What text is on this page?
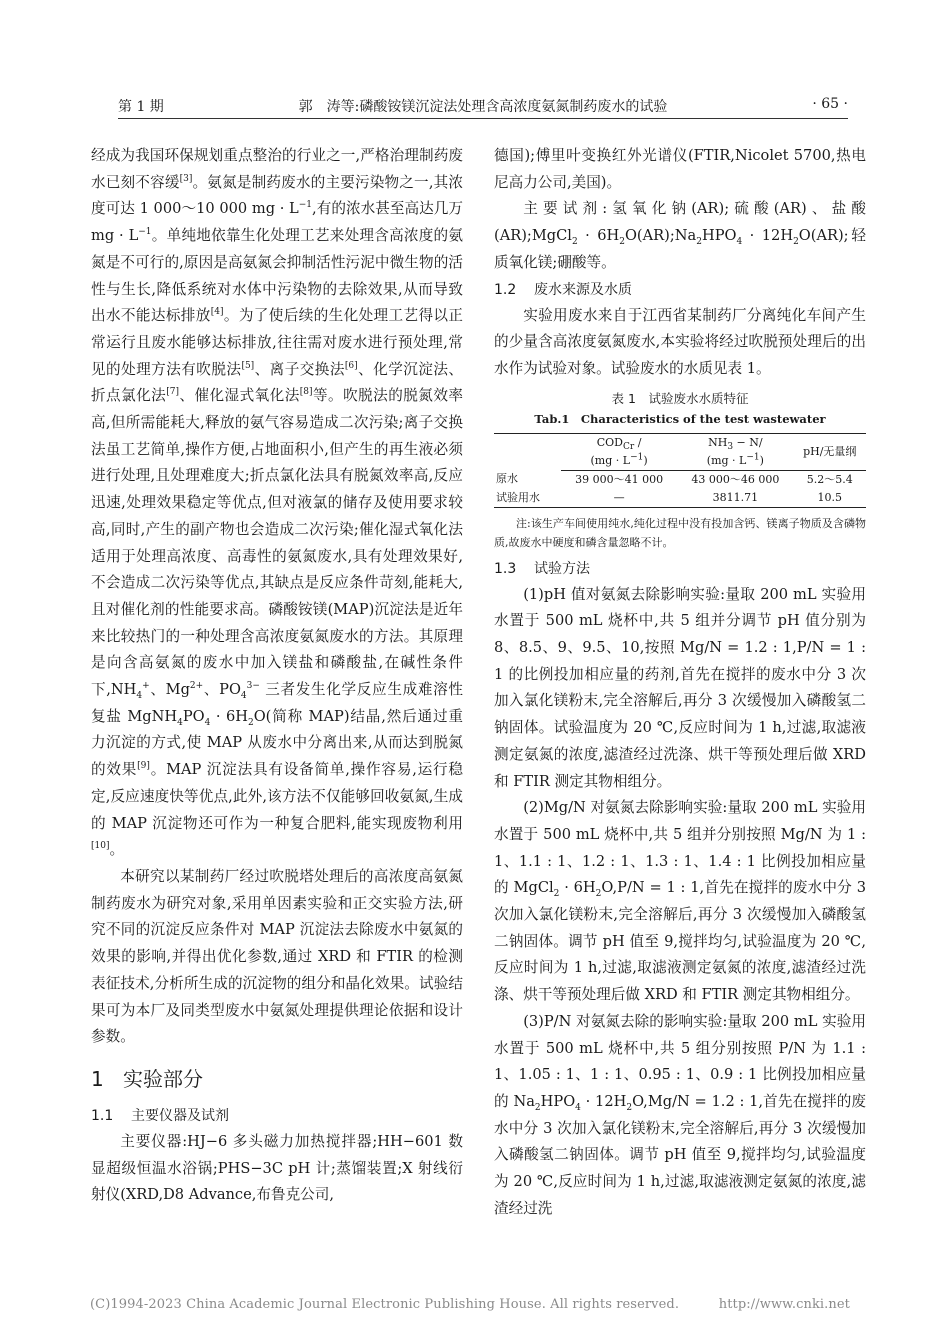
第 1 期	郭　涛等:磷酸铵镁沉淀法处理含高浓度氨氮制药废水的试验	· 65 ·

经成为我国环保规划重点整治的行业之一,严格治理制药废水已刻不容缓[3]。氨氮是制药废水的主要污染物之一,其浓度可达 1 000～10 000 mg · $L^{-1}$,有的浓水甚至高达几万 mg · $L^{-1}$。单纯地依靠生化处理工艺来处理含高浓度的氨氮是不可行的,原因是高氨氮会抑制活性污泥中微生物的活性与生长,降低系统对水体中污染物的去除效果,从而导致出水不能达标排放[4]。为了使后续的生化处理工艺得以正常运行且废水能够达标排放,往往需对废水进行预处理,常见的处理方法有吹脱法[5]、离子交换法[6]、化学沉淀法、折点氯化法[7]、催化湿式氧化法[8]等。吹脱法的脱氮效率高,但所需能耗大,释放的氨气容易造成二次污染;离子交换法虽工艺简单,操作方便,占地面积小,但产生的再生液必须进行处理,且处理难度大;折点氯化法具有脱氮效率高,反应迅速,处理效果稳定等优点,但对液氯的储存及使用要求较高,同时,产生的副产物也会造成二次污染;催化湿式氧化法适用于处理高浓度、高毒性的氨氮废水,具有处理效果好,不会造成二次污染等优点,其缺点是反应条件苛刻,能耗大,且对催化剂的性能要求高。磷酸铵镁(MAP)沉淀法是近年来比较热门的一种处理含高浓度氨氮废水的方法。其原理是向含高氨氮的废水中加入镁盐和磷酸盐,在碱性条件下$,NH_4^+$、$Mg^{2+}$、$PO_4^{3-}$ 三者发生化学反应生成难溶性复盐 $MgNH_4PO_4 \cdot 6H_2O$(简称 MAP)结晶,然后通过重力沉淀的方式,使 MAP 从废水中分离出来,从而达到脱氮的效果[9]。MAP 沉淀法具有设备简单,操作容易,运行稳定,反应速度快等优点,此外,该方法不仅能够回收氨氮,生成的 MAP 沉淀物还可作为一种复合肥料,能实现废物利用[10]。

本研究以某制药厂经过吹脱塔处理后的高浓度高氨氮制药废水为研究对象,采用单因素实验和正交实验方法,研究不同的沉淀反应条件对 MAP 沉淀法去除废水中氨氮的效果的影响,并得出优化参数,通过 XRD 和 FTIR 的检测表征技术,分析所生成的沉淀物的组分和晶化效果。试验结果可为本厂及同类型废水中氨氮处理提供理论依据和设计参数。

1 实验部分
1.1 主要仪器及试剂

主要仪器:HJ−6 多头磁力加热搅拌器;HH−601 数显超级恒温水浴锅;PHS−3C pH 计;蒸馏装置;X 射线衍射仪(XRD,D8 Advance,布鲁克公司,

德国);傅里叶变换红外光谱仪(FTIR,Nicolet 5700,热电尼高力公司,美国)。

主要试剂:氢氧化钠(AR);硫酸(AR)、盐酸(AR);MgCl$_2$ · $6H_2O(AR);Na_2HPO_4 \cdot 12H_2O(AR)$;轻质氧化镁;硼酸等。

1.2 废水来源及水质

实验用废水来自于江西省某制药厂分离纯化车间产生的少量含高浓度氨氮废水,本实验将经过吹脱预处理后的出水作为试验对象。试验废水的水质见表 1。

表 1　试验废水水质特征
Tab.1　Characteristics of the test wastewater
	$COD_{Cr}$ /	$NH_3 - N/$	pH/无量纲
	$(mg \cdot L^{-1})$	$(mg \cdot L^{-1})$	
原水	39 000～41 000	43 000～46 000	5.2～5.4
试验用水	—	3811.71	10.5
注:该生产车间使用纯水,纯化过程中没有投加含钙、镁离子物质及含磷物质,故废水中硬度和磷含量忽略不计。
1.3 试验方法

(1)pH 值对氨氮去除影响实验:量取 200 mL 实验用水置于 500 mL 烧杯中,共 5 组并分调节 pH 值分别为 8、8.5、9、9.5、10,按照 Mg/N = 1.2 : 1,P/N = 1 : 1 的比例投加相应量的药剂,首先在搅拌的废水中分 3 次加入氯化镁粉末,完全溶解后,再分 3 次缓慢加入磷酸氢二钠固体。试验温度为 20 ℃,反应时间为 1 h,过滤,取滤液测定氨氮的浓度,滤渣经过洗涤、烘干等预处理后做 XRD 和 FTIR 测定其物相组分。

(2)Mg/N 对氨氮去除影响实验:量取 200 mL 实验用水置于 500 mL 烧杯中,共 5 组并分别按照 Mg/N 为 1 : 1、1.1 : 1、1.2 : 1、1.3 : 1、1.4 : 1 比例投加相应量的 MgCl$_2$ · $6H_2O,P/N = 1$ : 1,首先在搅拌的废水中分 3 次加入氯化镁粉末,完全溶解后,再分 3 次缓慢加入磷酸氢二钠固体。调节 pH 值至 9,搅拌均匀,试验温度为 20 ℃,反应时间为 1 h,过滤,取滤液测定氨氮的浓度,滤渣经过洗涤、烘干等预处理后做 XRD 和 FTIR 测定其物相组分。

(3)P/N 对氨氮去除的影响实验:量取 200 mL 实验用水置于 500 mL 烧杯中,共 5 组分别按照 P/N 为 1.1 : 1、1.05 : 1、1 : 1、0.95 : 1、0.9 : 1 比例投加相应量的 $Na_2HPO_4 \cdot 12H_2O,Mg/N = 1.2$ : 1,首先在搅拌的废水中分 3 次加入氯化镁粉末,完全溶解后,再分 3 次缓慢加入磷酸氢二钠固体。调节 pH 值至 9,搅拌均匀,试验温度为 20 ℃,反应时间为 1 h,过滤,取滤液测定氨氮的浓度,滤渣经过洗

(C)1994-2023 China Academic Journal Electronic Publishing House. All rights reserved.	http://www.cnki.net
